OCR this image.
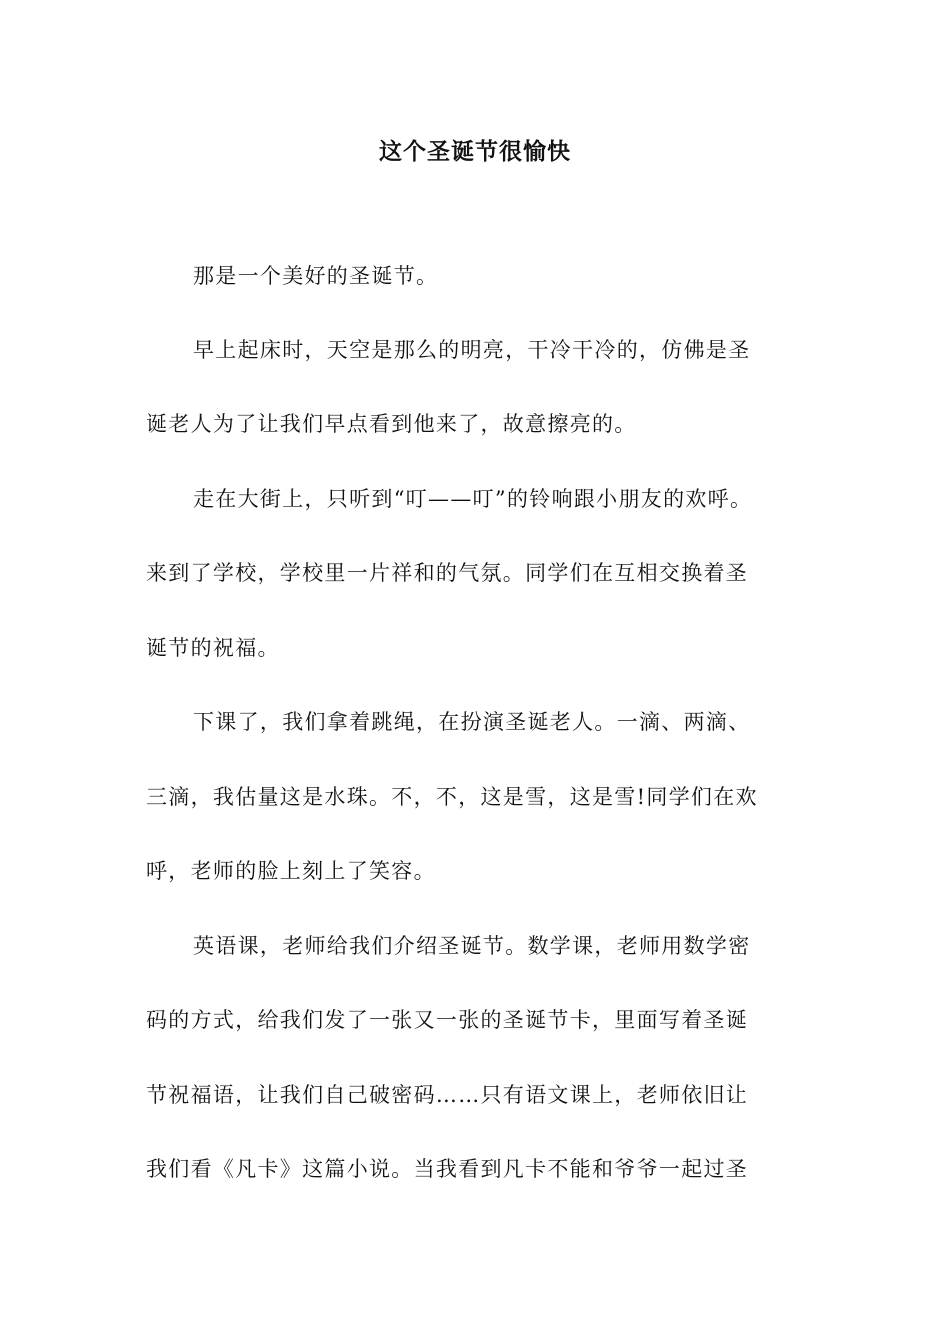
这个圣诞节很愉快
那是一个美好的圣诞节。
早上起床时，天空是那么的明亮，干冷干冷的，仿佛是圣
诞老人为了让我们早点看到他来了，故意擦亮的。
走在大街上，只听到“叮——叮”的铃响跟小朋友的欢呼。
来到了学校，学校里一片祥和的气氛。同学们在互相交换着圣
诞节的祝福。
下课了，我们拿着跳绳，在扮演圣诞老人。一滴、两滴、
三滴，我估量这是水珠。不，不，这是雪，这是雪!同学们在欢
呼，老师的脸上刻上了笑容。
英语课，老师给我们介绍圣诞节。数学课，老师用数学密
码的方式，给我们发了一张又一张的圣诞节卡，里面写着圣诞
节祝福语，让我们自己破密码……只有语文课上，老师依旧让
我们看《凡卡》这篇小说。当我看到凡卡不能和爷爷一起过圣
